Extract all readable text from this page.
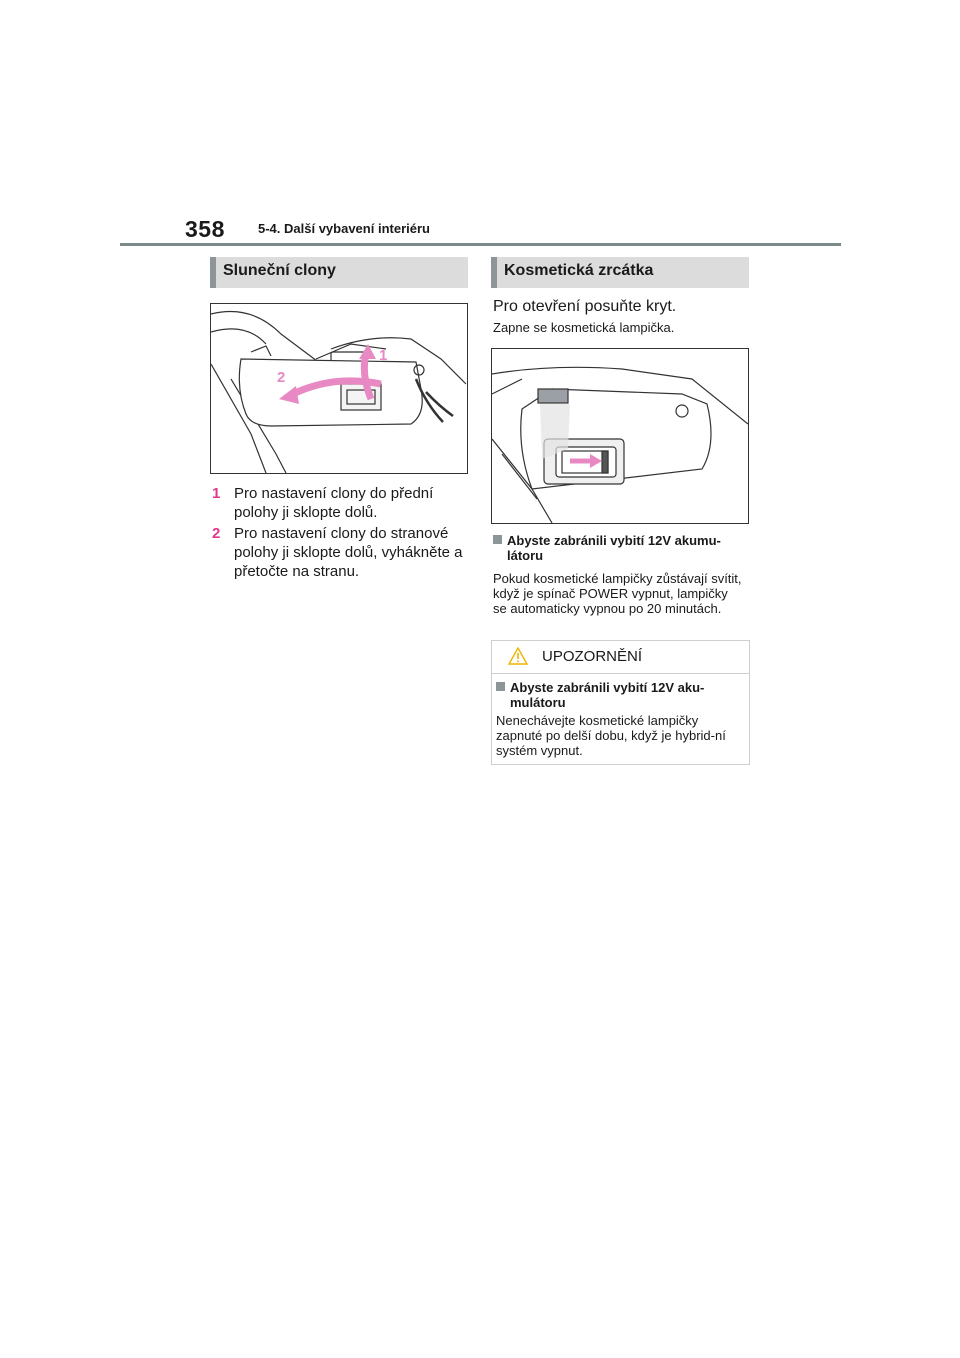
358	5-4. Další vybavení interiéru
Sluneční clony
1
2
1 Pro nastavení clony do přední polohy ji sklopte dolů.
2 Pro nastavení clony do stranové polohy ji sklopte dolů, vyhákněte a přetočte na stranu.
Kosmetická zrcátka
Pro otevření posuňte kryt.
Zapne se kosmetická lampička.
Abyste zabránili vybití 12V akumu-látoru
Pokud kosmetické lampičky zůstávají svítit, když je spínač POWER vypnut, lampičky se automaticky vypnou po 20 minutách.
UPOZORNĚNÍ
Abyste zabránili vybití 12V aku-mulátoru
Nenechávejte kosmetické lampičky zapnuté po delší dobu, když je hybrid-ní systém vypnut.
